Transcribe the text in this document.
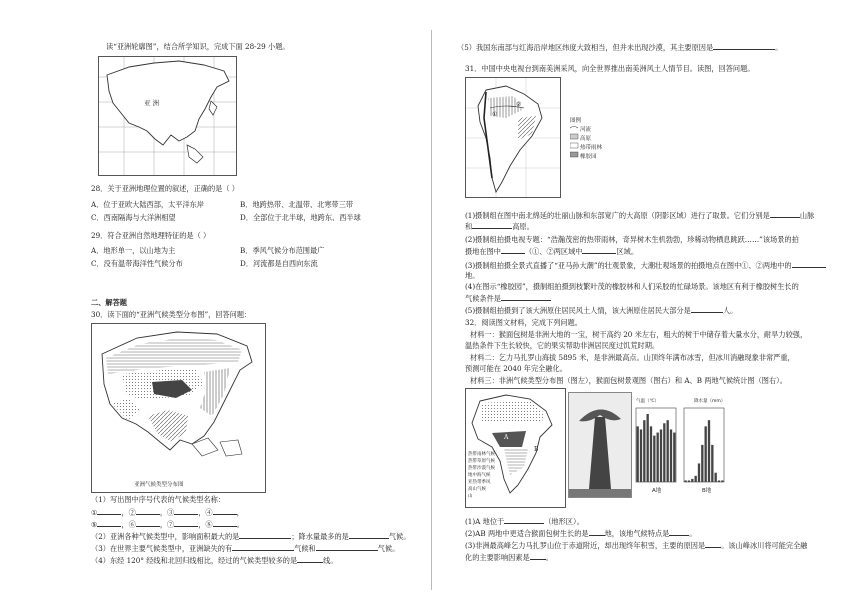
读“亚洲轮廓图”，结合所学知识，完成下面 28-29 小题。
亚 洲
28．关于亚洲地理位置的叙述，正确的是（ ）
A．位于亚欧大陆西部，太平洋东岸	B．地跨热带、北温带、北寒带三带
C．西南隔海与大洋洲相望	D．全部位于北半球，地跨东、西半球
29．符合亚洲自然地理特征的是（ ）
A．地形单一，以山地为主	B．季风气候分布范围最广
C．没有温带海洋性气候分布	D．河流都是自西向东流
二、解答题
30．读下面的“亚洲气候类型分布图”，回答问题：
亚洲气候类型分布图
（1）写出图中序号代表的气候类型名称：
①	，②	，③	，④	，
⑤	，⑥	，⑦	，⑧	。
（2）亚洲各种气候类型中，影响面积最大的是	；降水量最多的是	气候。
（3）在世界主要气候类型中，亚洲缺失的有	气候和	气候。
（4）东经 120° 经线和北回归线相比，经过的气候类型较多的是	线。
（5）我国东南部与红海沿岸地区纬度大致相当，但并未出现沙漠，其主要原因是	。
31．中国中央电视台到南美洲采风，向全世界推出南美洲风土人情节目。读图，回答问题。
①
②
图例
河流
高原
热带雨林
橡胶园
(1)摄制组在图中南北绵延的壮丽山脉和东部宽广的大高原（阴影区域）进行了取景。它们分别是	山脉
和	高原。
(2)摄制组拍摄电视专题：“浩瀚茂密的热带雨林，奇异树木生机勃勃，珍稀动物栖息跳跃……”该场景的拍
摄地在图中	（①、②两区域中	区域。
(3)摄制组拍摄全景式直播了“亚马孙大潮”的壮观景象，大潮壮观场景的拍摄地点在图中①、②两地中的
地。
(4)在图示“橡胶园”，摄制组拍摄到枝繁叶茂的橡胶林和人们采胶的忙碌场景。该地区有利于橡胶树生长的
气候条件是
(5)摄制组拍摄到了该大洲原住居民风土人情，该大洲原住居民大部分是	人。
32．阅读图文材料，完成下列问题。
材料一：猴面包树是非洲大地的一宝，树干高约 20 米左右，粗大的树干中储存着大量水分，耐旱力较强，
温热条件下生长较快，它的果实帮助非洲居民度过饥荒时期。
材料二：乞力马扎罗山海拔 5895 米，是非洲最高点。山顶终年满布冰雪，但冰川消融现象非常严重，
预测可能在 2040 年完全融化。
材料三：非洲气候类型分布图（图左），猴面包树景观图（图右）和 A、B 两地气候统计图（图右）。
A
B
热带雨林气候
热带草原气候
热带沙漠气候
地中海气候
亚热带季风
高山气候
山
气温（℃）	降水量（mm）
A地	B地
(1)A 地位于	（地形区）。
(2)AB 两地中更适合猴面包树生长的是 地，该地气候特点是	。
(3)非洲最高峰乞力马扎罗山位于赤道附近，却出现终年积雪，主要的原因是 。该山峰冰川将可能完全融
化的主要影响因素是 。
